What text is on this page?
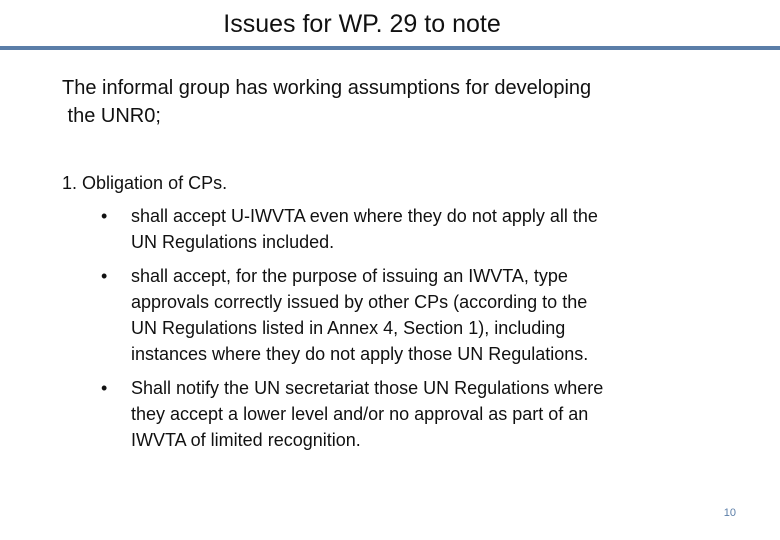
Issues for WP. 29 to note

The informal group has working assumptions for developing
the UNR0;

1. Obligation of CPs.

•	shall accept U-IWVTA even where they do not apply all the
UN Regulations included.
•	shall accept, for the purpose of issuing an IWVTA, type
approvals correctly issued by other CPs (according to the
UN Regulations listed in Annex 4, Section 1), including
instances where they do not apply those UN Regulations.
•	Shall notify the UN secretariat those UN Regulations where
they accept a lower level and/or no approval as part of an
IWVTA of limited recognition.
10
